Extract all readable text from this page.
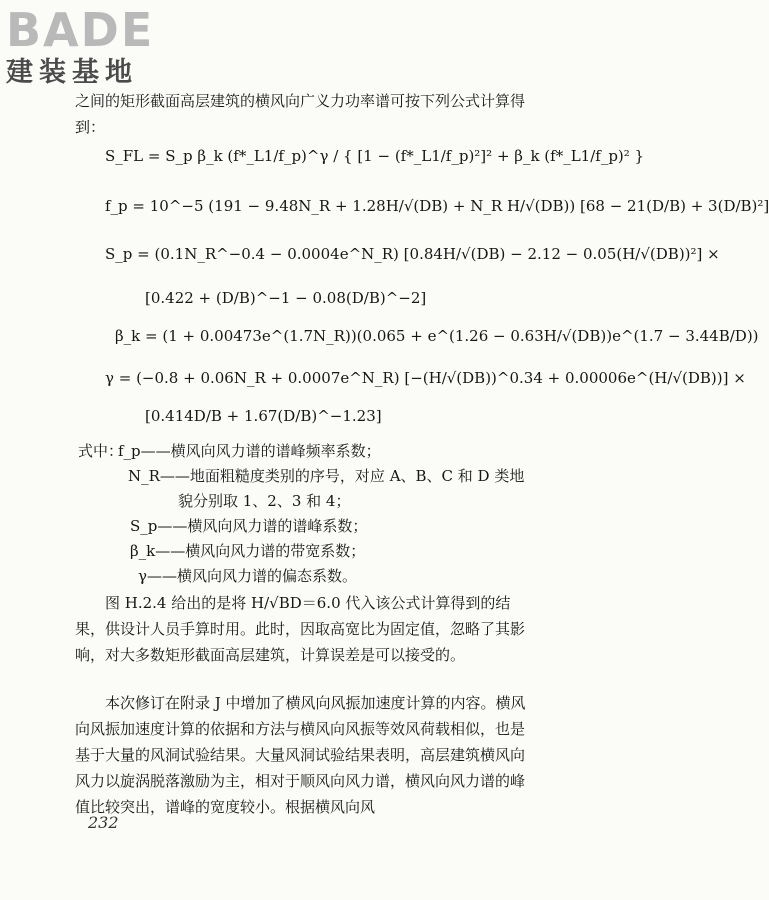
BADE
建装基地
之间的矩形截面高层建筑的横风向广义力功率谱可按下列公式计算得到：
S_FL = S_p β_k (f*_L1/f_p)^γ / { [1 − (f*_L1/f_p)²]² + β_k (f*_L1/f_p)² }
f_p = 10^−5 (191 − 9.48N_R + 1.28H/√(DB) + N_R H/√(DB)) [68 − 21(D/B) + 3(D/B)²]
S_p = (0.1N_R^−0.4 − 0.0004e^N_R) [0.84H/√(DB) − 2.12 − 0.05(H/√(DB))²] ×
[0.422 + (D/B)^−1 − 0.08(D/B)^−2]
β_k = (1 + 0.00473e^(1.7N_R))(0.065 + e^(1.26 − 0.63H/√(DB))e^(1.7 − 3.44B/D))
γ = (−0.8 + 0.06N_R + 0.0007e^N_R) [−(H/√(DB))^0.34 + 0.00006e^(H/√(DB))] ×
[0.414D/B + 1.67(D/B)^−1.23]
式中：
f_p——横风向风力谱的谱峰频率系数；
N_R——地面粗糙度类别的序号，对应 A、B、C 和 D 类地
貌分别取 1、2、3 和 4；
S_p——横风向风力谱的谱峰系数；
β_k——横风向风力谱的带宽系数；
γ——横风向风力谱的偏态系数。
图 H.2.4 给出的是将 H/√BD＝6.0 代入该公式计算得到的结果，供设计人员手算时用。此时，因取高宽比为固定值，忽略了其影响，对大多数矩形截面高层建筑，计算误差是可以接受的。
本次修订在附录 J 中增加了横风向风振加速度计算的内容。横风向风振加速度计算的依据和方法与横风向风振等效风荷载相似，也是基于大量的风洞试验结果。大量风洞试验结果表明，高层建筑横风向风力以旋涡脱落激励为主，相对于顺风向风力谱，横风向风力谱的峰值比较突出，谱峰的宽度较小。根据横风向风
232
